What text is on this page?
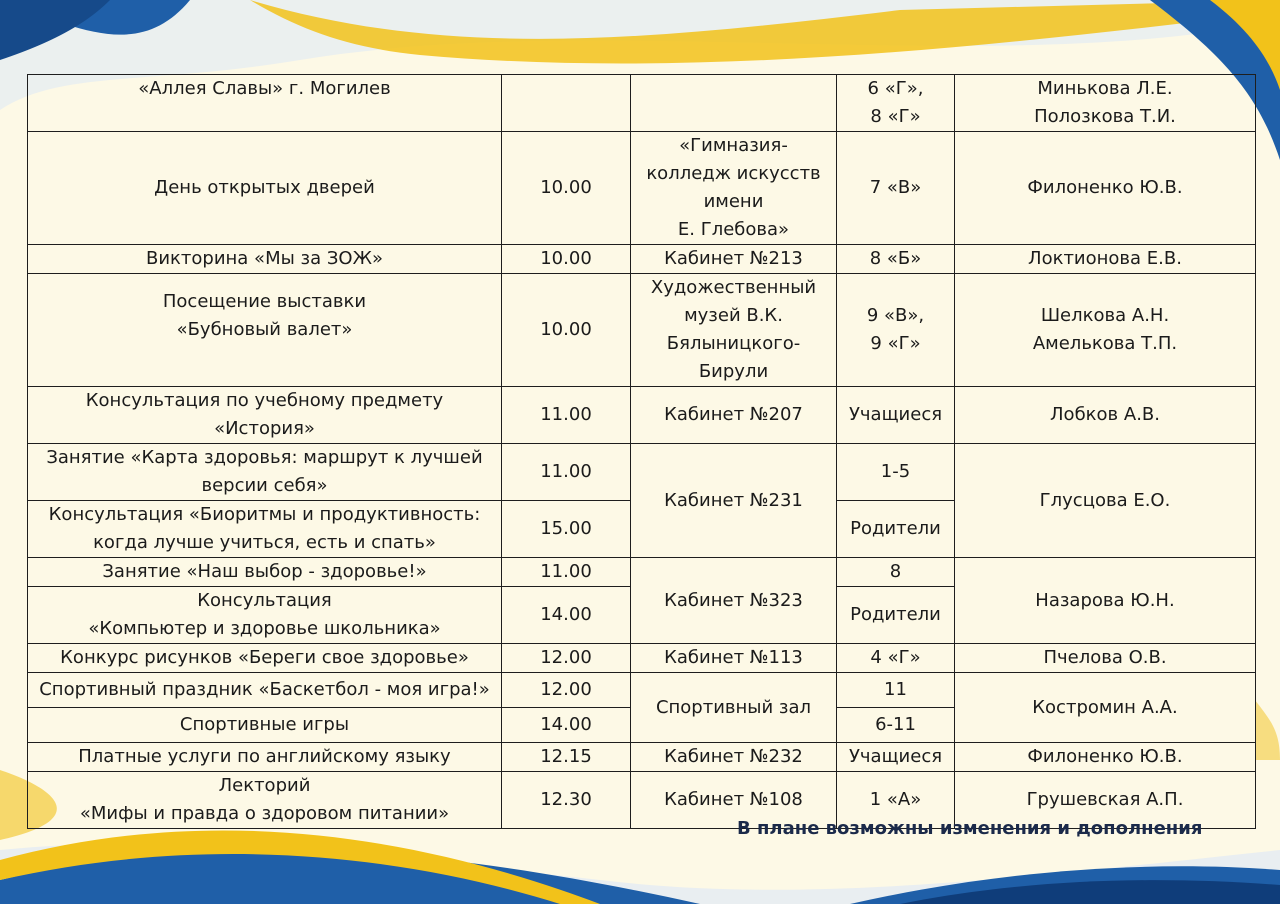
«Аллея Славы» г. Могилев			6 «Г»,
8 «Г»	Минькова Л.Е.
Полозкова Т.И.

День открытых дверей	10.00	«Гимназия-
колледж искусств
имени
Е. Глебова»	7 «В»	Филоненко Ю.В.

Викторина «Мы за ЗОЖ»	10.00	Кабинет №213	8 «Б»	Локтионова Е.В.

Посещение выставки
«Бубновый валет»	10.00	Художественный
музей В.К.
Бялыницкого-
Бирули	9 «В»,
9 «Г»	Шелкова А.Н.
Амелькова Т.П.

Консультация по учебному предмету
«История»	11.00	Кабинет №207	Учащиеся	Лобков А.В.

Занятие «Карта здоровья: маршрут к лучшей
версии себя»	11.00	Кабинет №231	1-5	Глусцова Е.О.

Консультация «Биоритмы и продуктивность:
когда лучше учиться, есть и спать»	15.00		Родители	

Занятие «Наш выбор - здоровье!»	11.00	Кабинет №323	8	Назарова Ю.Н.

Консультация
«Компьютер и здоровье школьника»	14.00		Родители	

Конкурс рисунков «Береги свое здоровье»	12.00	Кабинет №113	4 «Г»	Пчелова О.В.

Спортивный праздник «Баскетбол - моя игра!»	12.00	Спортивный зал	11	Костромин А.А.

Спортивные игры	14.00		6-11	

Платные услуги по английскому языку	12.15	Кабинет №232	Учащиеся	Филоненко Ю.В.

Лекторий
«Мифы и правда о здоровом питании»	12.30	Кабинет №108	1 «А»	Грушевская А.П.
В плане возможны изменения и дополнения
